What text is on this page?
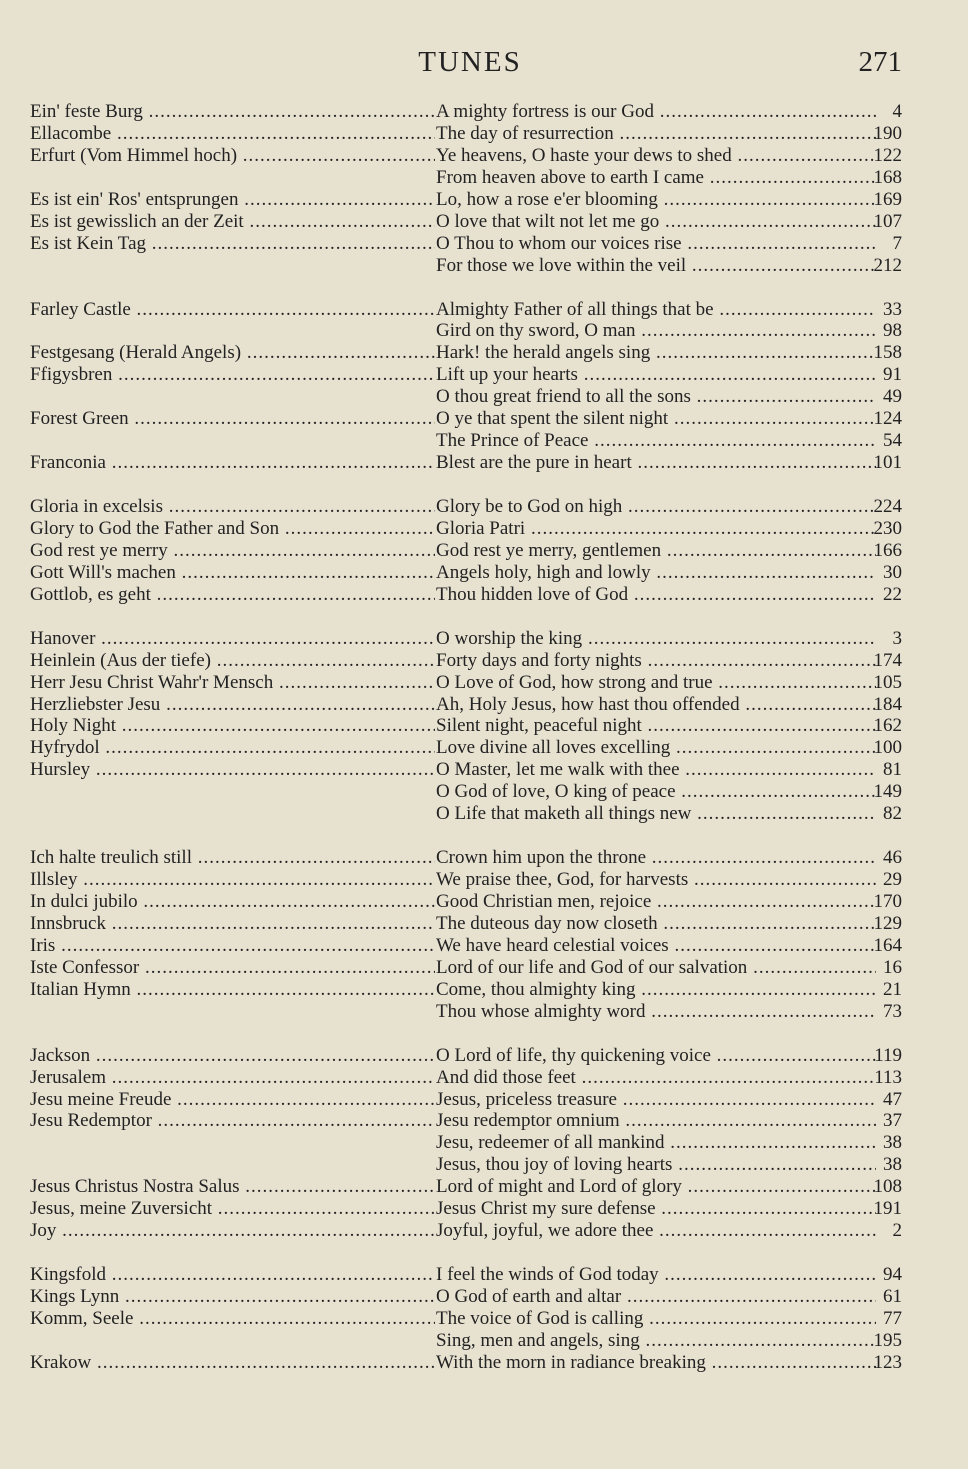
TUNES	271
Ein' feste Burg .....	A mighty fortress is our God .....	4
Ellacombe .....	The day of resurrection .....	190
Erfurt (Vom Himmel hoch) .....	Ye heavens, O haste your dews to shed .....	122
From heaven above to earth I came .....	168
Es ist ein' Ros' entsprungen .....	Lo, how a rose e'er blooming .....	169
Es ist gewisslich an der Zeit .....	O love that wilt not let me go .....	107
Es ist Kein Tag .....	O Thou to whom our voices rise .....	7
For those we love within the veil .....	212
Farley Castle .....	Almighty Father of all things that be .....	33
Gird on thy sword, O man .....	98
Festgesang (Herald Angels) .....	Hark! the herald angels sing .....	158
Ffigysbren .....	Lift up your hearts .....	91
O thou great friend to all the sons .....	49
Forest Green .....	O ye that spent the silent night .....	124
The Prince of Peace .....	54
Franconia .....	Blest are the pure in heart .....	101
Gloria in excelsis .....	Glory be to God on high .....	224
Glory to God the Father and Son .....	Gloria Patri .....	230
God rest ye merry .....	God rest ye merry, gentlemen .....	166
Gott Will's machen .....	Angels holy, high and lowly .....	30
Gottlob, es geht .....	Thou hidden love of God .....	22
Hanover .....	O worship the king .....	3
Heinlein (Aus der tiefe) .....	Forty days and forty nights .....	174
Herr Jesu Christ Wahr'r Mensch .....	O Love of God, how strong and true .....	105
Herzliebster Jesu .....	Ah, Holy Jesus, how hast thou offended .....	184
Holy Night .....	Silent night, peaceful night .....	162
Hyfrydol .....	Love divine all loves excelling .....	100
Hursley .....	O Master, let me walk with thee .....	81
O God of love, O king of peace .....	149
O Life that maketh all things new .....	82
Ich halte treulich still .....	Crown him upon the throne .....	46
Illsley .....	We praise thee, God, for harvests .....	29
In dulci jubilo .....	Good Christian men, rejoice .....	170
Innsbruck .....	The duteous day now closeth .....	129
Iris .....	We have heard celestial voices .....	164
Iste Confessor .....	Lord of our life and God of our salvation .....	16
Italian Hymn .....	Come, thou almighty king .....	21
Thou whose almighty word .....	73
Jackson .....	O Lord of life, thy quickening voice .....	119
Jerusalem .....	And did those feet .....	113
Jesu meine Freude .....	Jesus, priceless treasure .....	47
Jesu Redemptor .....	Jesu redemptor omnium .....	37
Jesu, redeemer of all mankind .....	38
Jesus, thou joy of loving hearts .....	38
Jesus Christus Nostra Salus .....	Lord of might and Lord of glory .....	108
Jesus, meine Zuversicht .....	Jesus Christ my sure defense .....	191
Joy .....	Joyful, joyful, we adore thee .....	2
Kingsfold .....	I feel the winds of God today .....	94
Kings Lynn .....	O God of earth and altar .....	61
Komm, Seele .....	The voice of God is calling .....	77
Sing, men and angels, sing .....	195
Krakow .....	With the morn in radiance breaking .....	123
